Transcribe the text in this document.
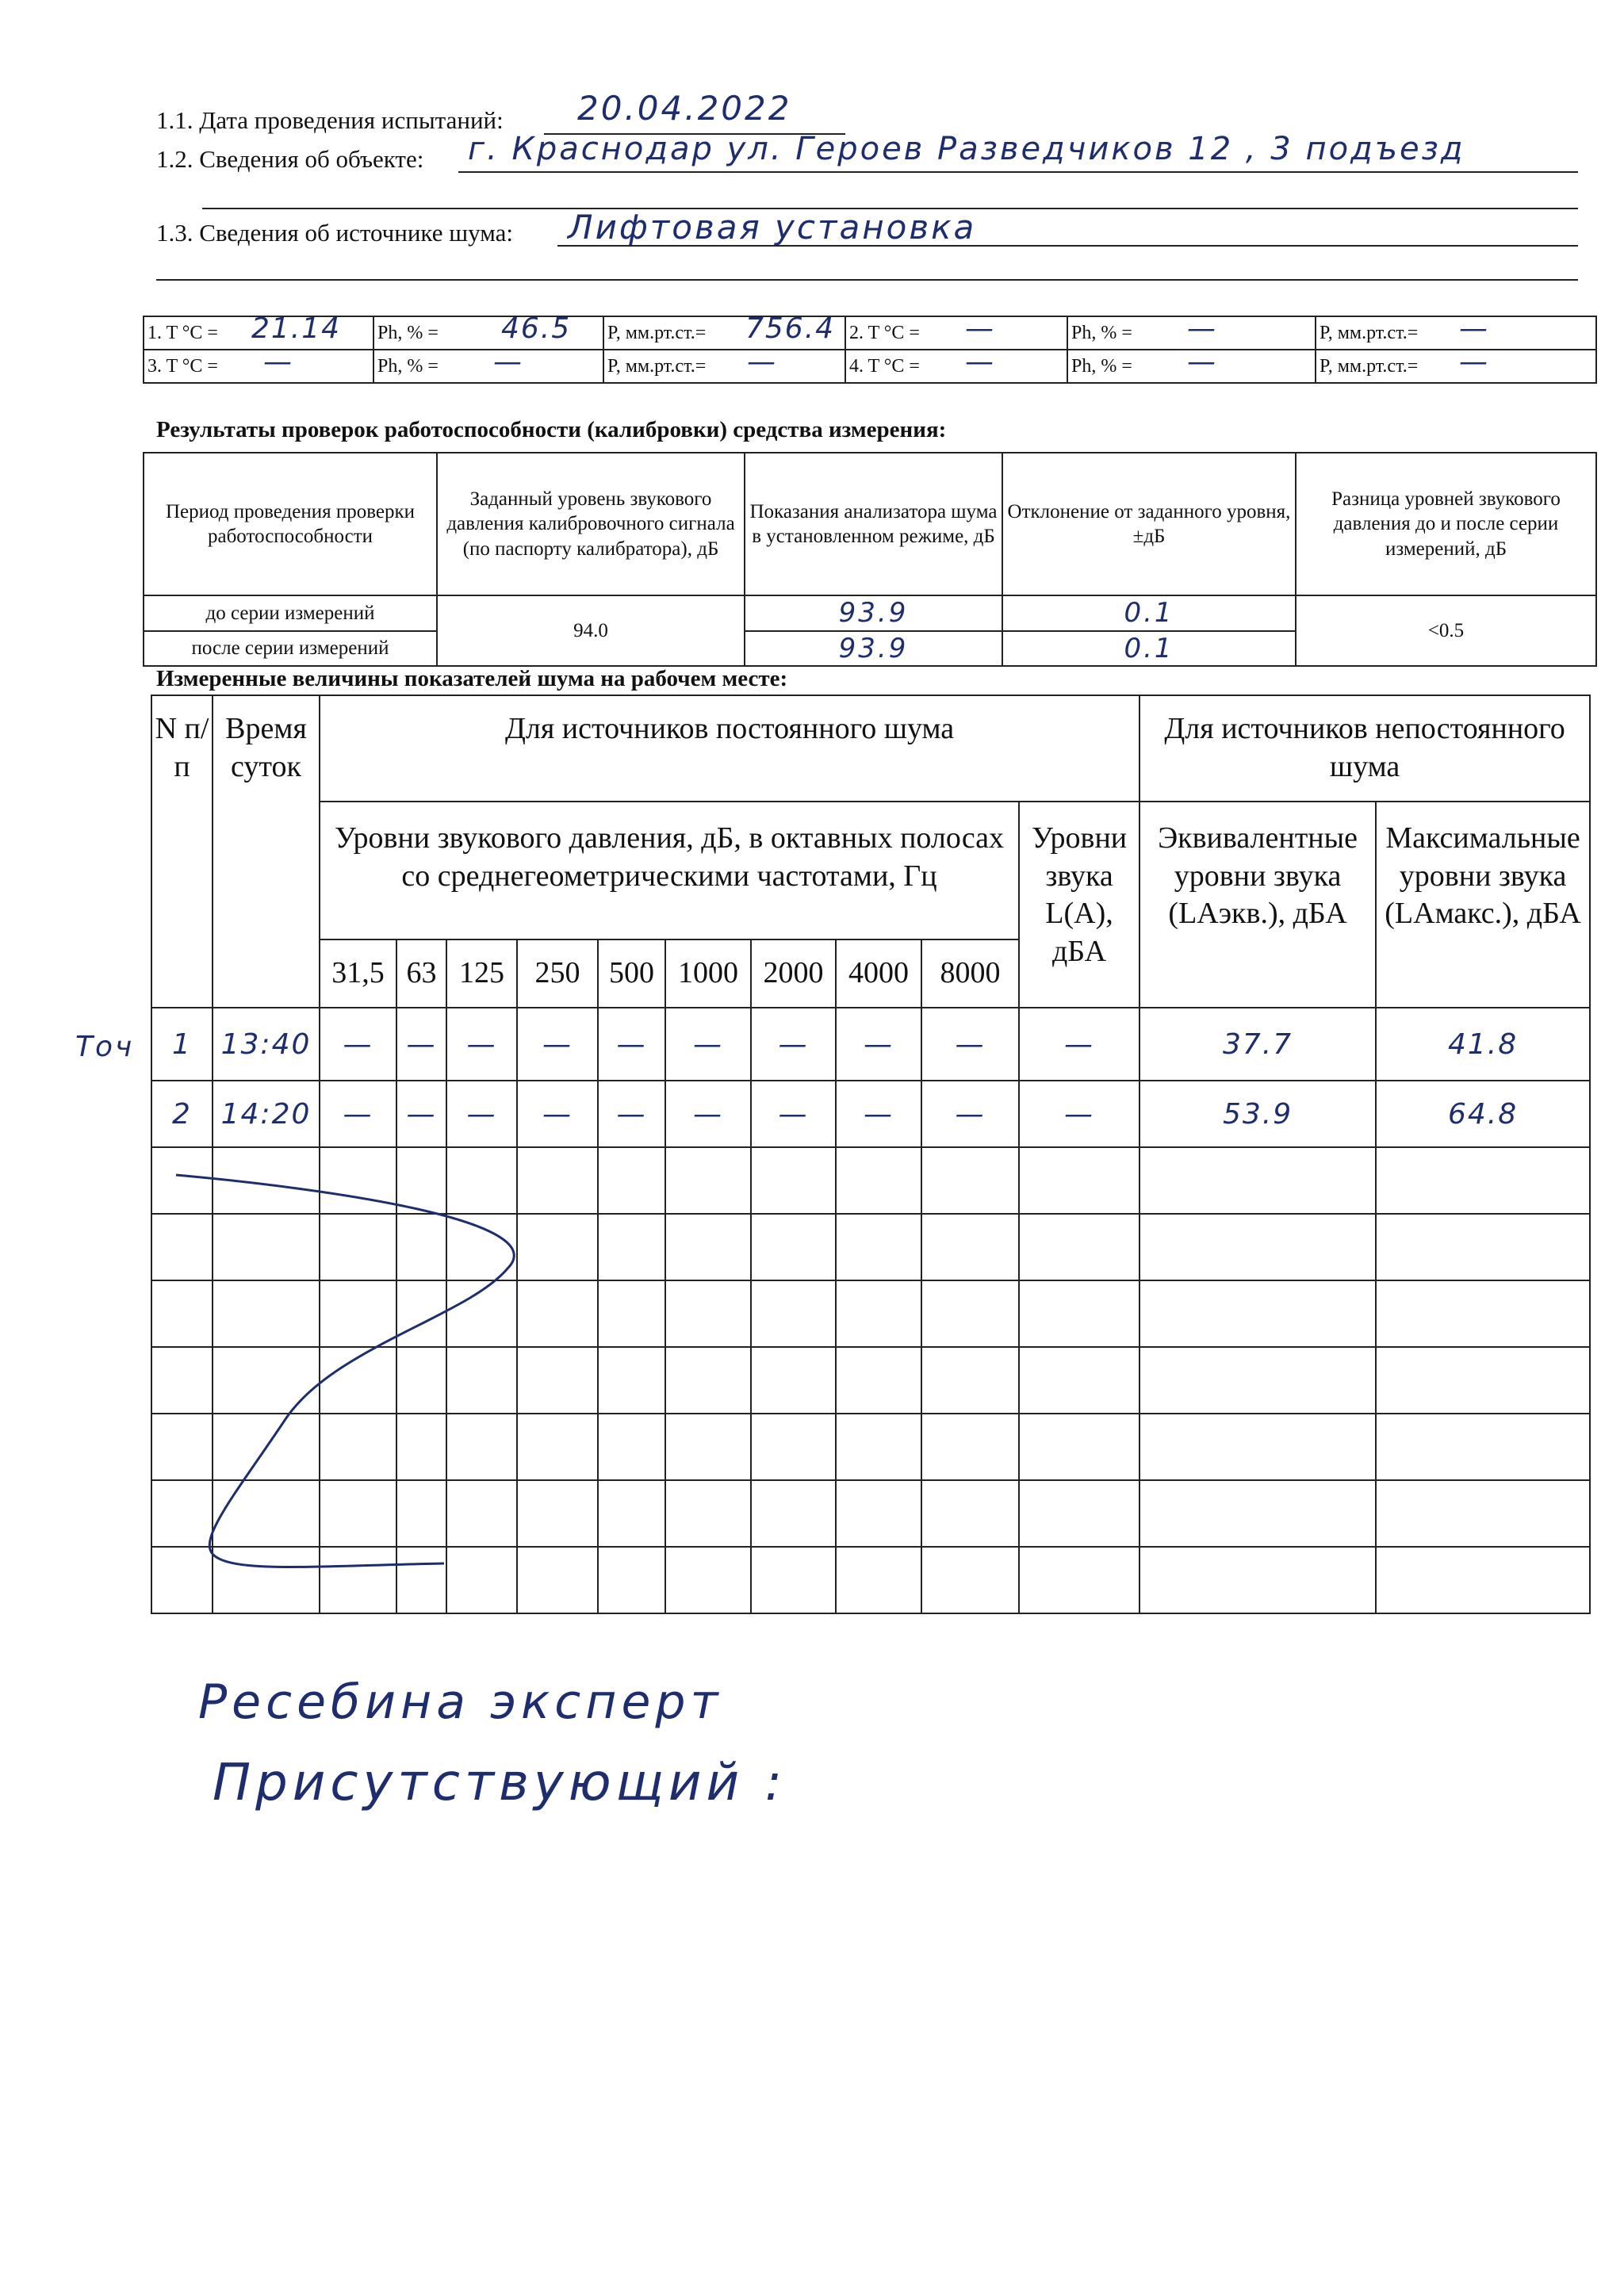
1.1. Дата проведения испытаний: 20.04.2022
1.2. Сведения об объекте: г. Краснодар ул. Героев Разведчиков 12 , 3 подъезд
1.3. Сведения об источнике шума: Лифтовая установка
1. T °C = 21.14	Ph, % = 46.5	P, мм.рт.ст.= 756.4	2. T °C = —	Ph, % = —	P, мм.рт.ст.= —

3. T °C = —	Ph, % = —	P, мм.рт.ст.= —	4. T °C = —	Ph, % = —	P, мм.рт.ст.= —
Результаты проверок работоспособности (калибровки) средства измерения:
Период проведения проверки работоспособности	Заданный уровень звукового давления калибровочного сигнала (по паспорту калибратора), дБ	Показания анализатора шума в установленном режиме, дБ	Отклонение от заданного уровня, ±дБ	Разница уровней звукового давления до и после серии измерений, дБ
до серии измерений	94.0	93.9	0.1	<0.5
после серии измерений		93.9	0.1	
Измеренные величины показателей шума на рабочем месте:
N п/п	Время суток	Для источников постоянного шума										Для источников непостоянного шума	
		Уровни звукового давления, дБ, в октавных полосах со среднегеометрическими частотами, Гц									Уровни звука L(A), дБА	Эквивалентные уровни звука (LАэкв.), дБА	Максимальные уровни звука (LАмакс.), дБА
		31,5	63	125	250	500	1000	2000	4000	8000			
1	13:40	—	—	—	—	—	—	—	—	—	—	37.7	41.8
2	14:20	—	—	—	—	—	—	—	—	—	—	53.9	64.8

Точ
Ресебина эксперт
Присутствующий :
